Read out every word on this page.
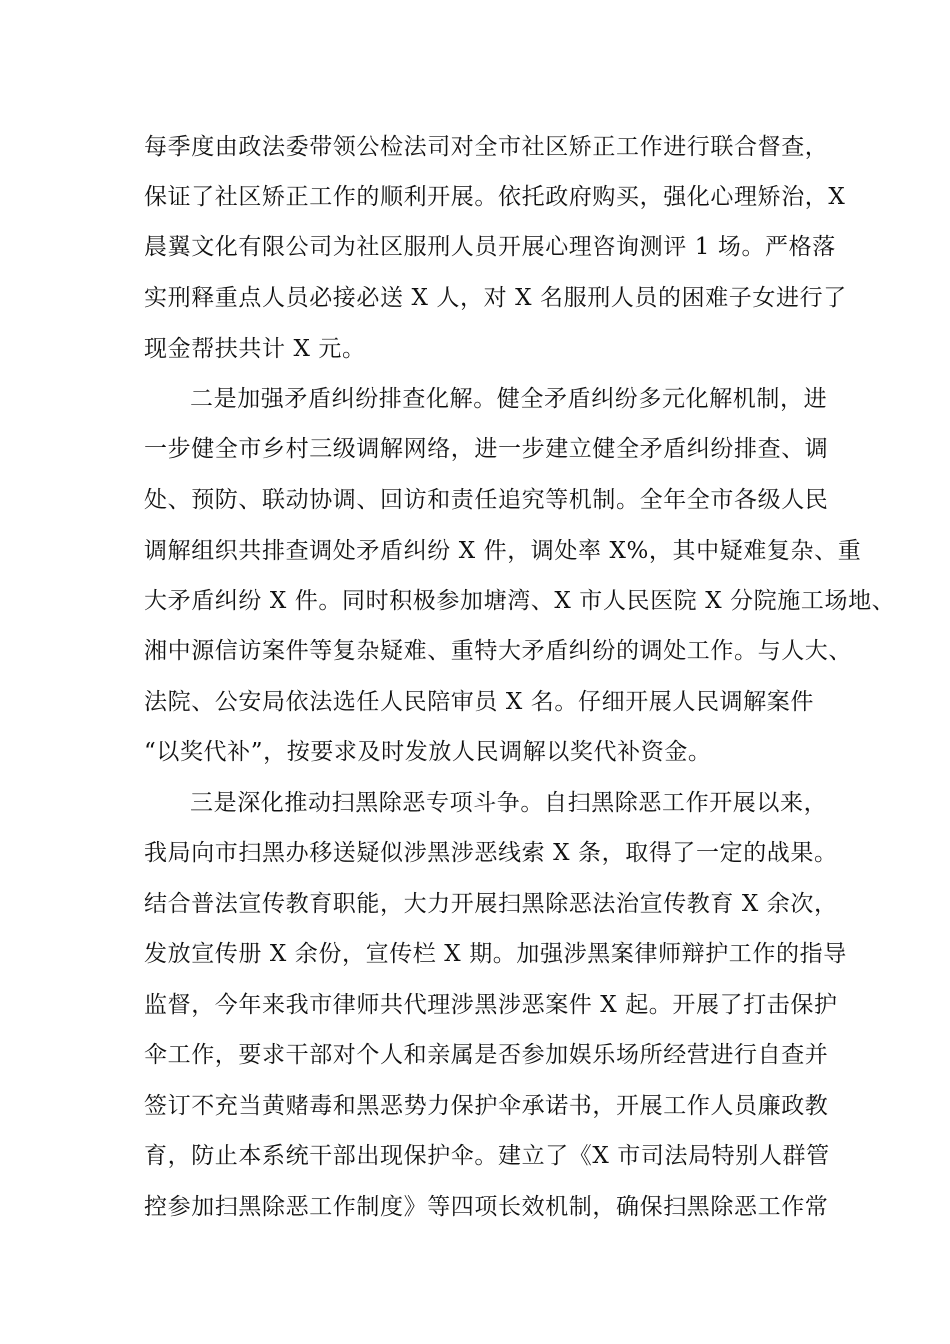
每季度由政法委带领公检法司对全市社区矫正工作进行联合督查，
保证了社区矫正工作的顺利开展。依托政府购买，强化心理矫治，X
晨翼文化有限公司为社区服刑人员开展心理咨询测评 1 场。严格落
实刑释重点人员必接必送 X 人，对 X 名服刑人员的困难子女进行了
现金帮扶共计 X 元。
二是加强矛盾纠纷排查化解。健全矛盾纠纷多元化解机制，进
一步健全市乡村三级调解网络，进一步建立健全矛盾纠纷排查、调
处、预防、联动协调、回访和责任追究等机制。全年全市各级人民
调解组织共排查调处矛盾纠纷 X 件，调处率 X%，其中疑难复杂、重
大矛盾纠纷 X 件。同时积极参加塘湾、X 市人民医院 X 分院施工场地、
湘中源信访案件等复杂疑难、重特大矛盾纠纷的调处工作。与人大、
法院、公安局依法选任人民陪审员 X 名。仔细开展人民调解案件
“以奖代补”，按要求及时发放人民调解以奖代补资金。
三是深化推动扫黑除恶专项斗争。自扫黑除恶工作开展以来，
我局向市扫黑办移送疑似涉黑涉恶线索 X 条，取得了一定的战果。
结合普法宣传教育职能，大力开展扫黑除恶法治宣传教育 X 余次，
发放宣传册 X 余份，宣传栏 X 期。加强涉黑案律师辩护工作的指导
监督，今年来我市律师共代理涉黑涉恶案件 X 起。开展了打击保护
伞工作，要求干部对个人和亲属是否参加娱乐场所经营进行自查并
签订不充当黄赌毒和黑恶势力保护伞承诺书，开展工作人员廉政教
育，防止本系统干部出现保护伞。建立了《X 市司法局特别人群管
控参加扫黑除恶工作制度》等四项长效机制，确保扫黑除恶工作常
